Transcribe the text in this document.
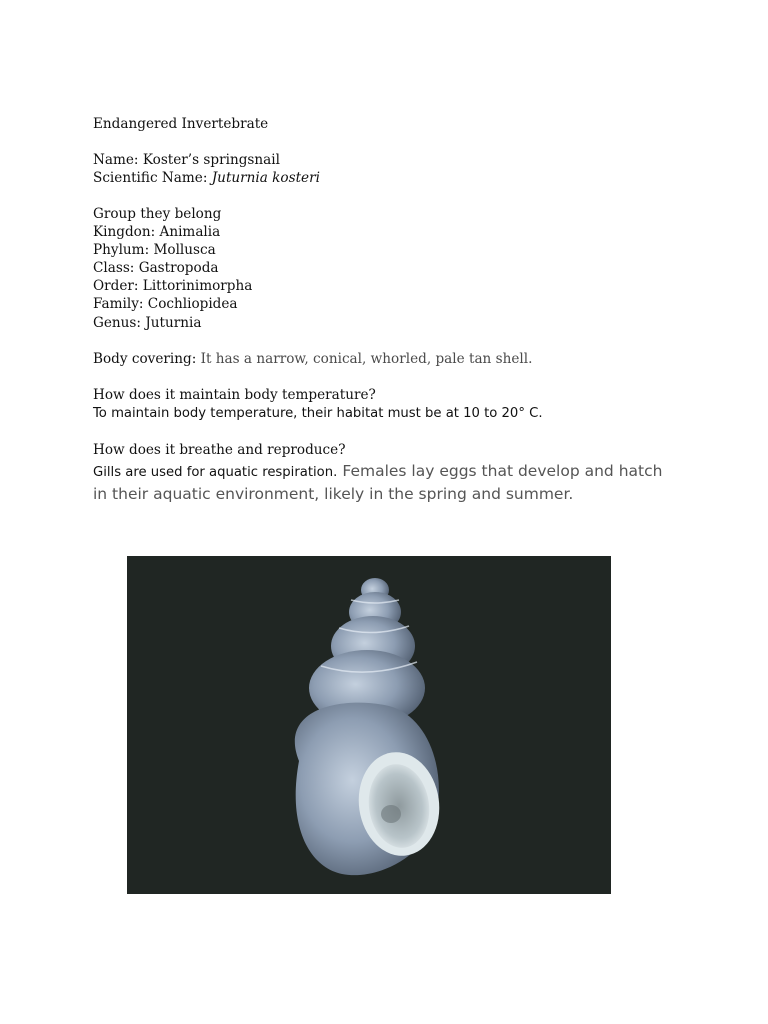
Endangered Invertebrate
Name: Koster’s springsnail
Scientific Name: Juturnia kosteri
Group they belong
Kingdon: Animalia
Phylum: Mollusca
Class: Gastropoda
Order: Littorinimorpha
Family: Cochliopidea
Genus: Juturnia
Body covering: It has a narrow, conical, whorled, pale tan shell.
How does it maintain body temperature?
To maintain body temperature, their habitat must be at 10 to 20° C.
How does it breathe and reproduce?
Gills are used for aquatic respiration. Females lay eggs that develop and hatch in their aquatic environment, likely in the spring and summer.
